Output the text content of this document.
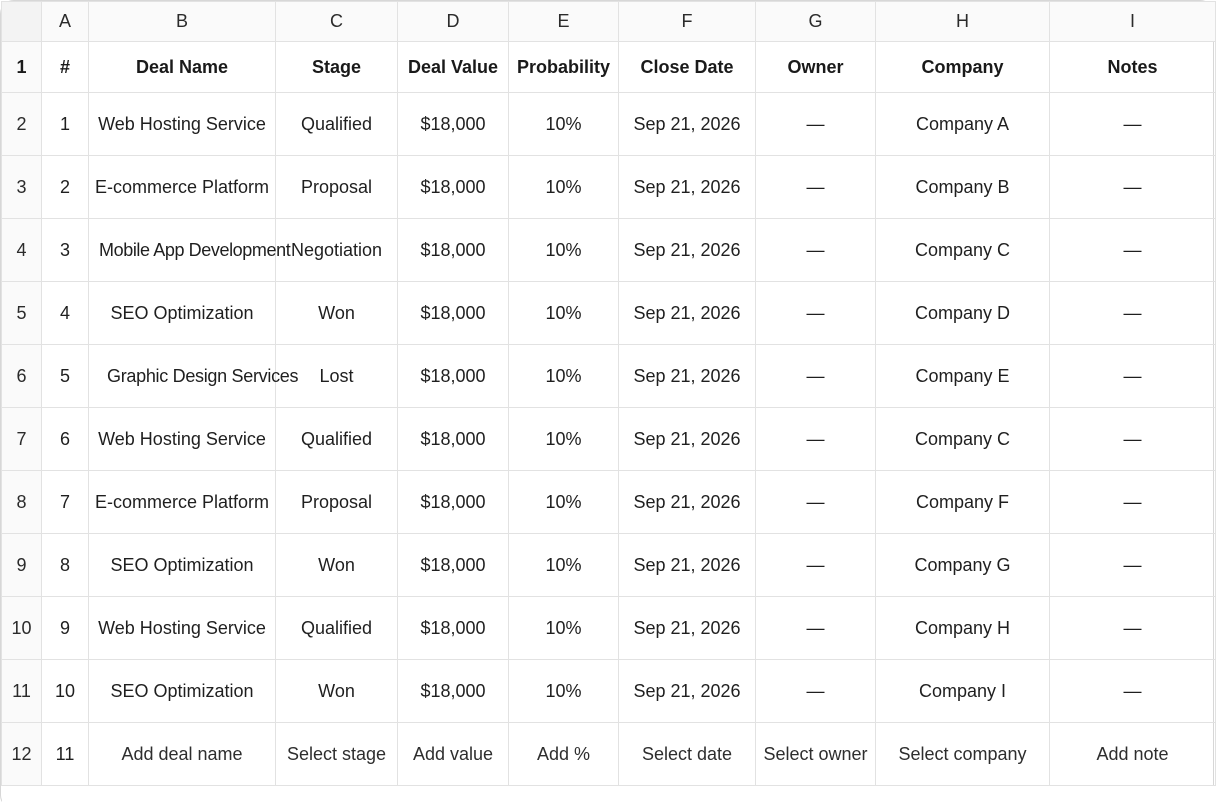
	A	B	C	D	E	F	G	H	I
1	#	Deal Name	Stage	Deal Value	Probability	Close Date	Owner	Company	Notes
2	1	Web Hosting Service	Qualified	$18,000	10%	Sep 21, 2026	—	Company A	—
3	2	E-commerce Platform	Proposal	$18,000	10%	Sep 21, 2026	—	Company B	—
4	3	Mobile App Development	Negotiation	$18,000	10%	Sep 21, 2026	—	Company C	—
5	4	SEO Optimization	Won	$18,000	10%	Sep 21, 2026	—	Company D	—
6	5	Graphic Design Services	Lost	$18,000	10%	Sep 21, 2026	—	Company E	—
7	6	Web Hosting Service	Qualified	$18,000	10%	Sep 21, 2026	—	Company C	—
8	7	E-commerce Platform	Proposal	$18,000	10%	Sep 21, 2026	—	Company F	—
9	8	SEO Optimization	Won	$18,000	10%	Sep 21, 2026	—	Company G	—
10	9	Web Hosting Service	Qualified	$18,000	10%	Sep 21, 2026	—	Company H	—
11	10	SEO Optimization	Won	$18,000	10%	Sep 21, 2026	—	Company I	—
12	11	Add deal name	Select stage	Add value	Add %	Select date	Select owner	Select company	Add note
